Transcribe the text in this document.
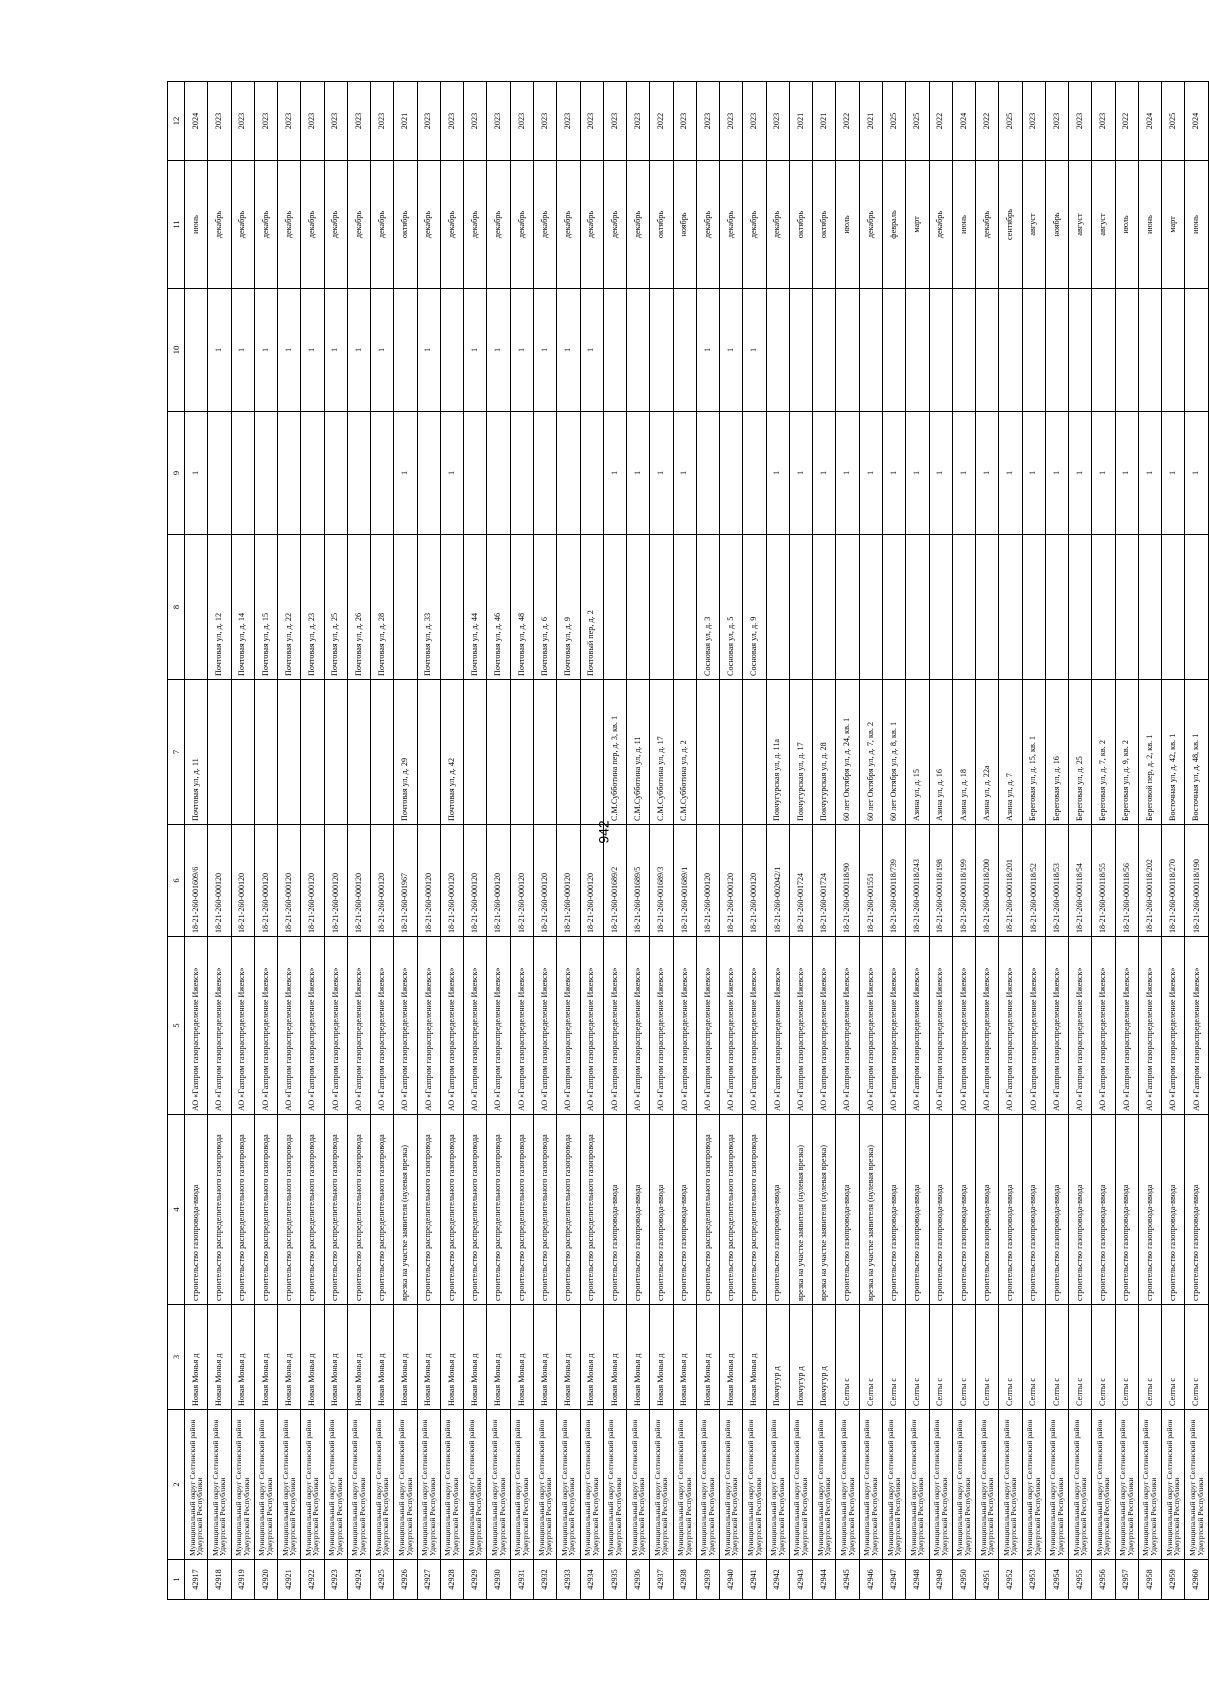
942
1	2	3	4	5	6	7	8	9	10	11	12
42917	Муниципальный округ Селтинский район Удмуртской Республики	Новая Монья д	строительство газопровода-ввода	АО «Газпром газораспределение Ижевск»	18-21-260-001609/6	Почтовая ул, д. 11		1		июнь	2024
42918	Муниципальный округ Селтинский район Удмуртской Республики	Новая Монья д	строительство распределительного газопровода	АО «Газпром газораспределение Ижевск»	18-21-260-000120		Почтовая ул, д. 12		1	декабрь	2023
42919	Муниципальный округ Селтинский район Удмуртской Республики	Новая Монья д	строительство распределительного газопровода	АО «Газпром газораспределение Ижевск»	18-21-260-000120		Почтовая ул, д. 14		1	декабрь	2023
42920	Муниципальный округ Селтинский район Удмуртской Республики	Новая Монья д	строительство распределительного газопровода	АО «Газпром газораспределение Ижевск»	18-21-260-000120		Почтовая ул, д. 15		1	декабрь	2023
42921	Муниципальный округ Селтинский район Удмуртской Республики	Новая Монья д	строительство распределительного газопровода	АО «Газпром газораспределение Ижевск»	18-21-260-000120		Почтовая ул, д. 22		1	декабрь	2023
42922	Муниципальный округ Селтинский район Удмуртской Республики	Новая Монья д	строительство распределительного газопровода	АО «Газпром газораспределение Ижевск»	18-21-260-000120		Почтовая ул, д. 23		1	декабрь	2023
42923	Муниципальный округ Селтинский район Удмуртской Республики	Новая Монья д	строительство распределительного газопровода	АО «Газпром газораспределение Ижевск»	18-21-260-000120		Почтовая ул, д. 25		1	декабрь	2023
42924	Муниципальный округ Селтинский район Удмуртской Республики	Новая Монья д	строительство распределительного газопровода	АО «Газпром газораспределение Ижевск»	18-21-260-000120		Почтовая ул, д. 26		1	декабрь	2023
42925	Муниципальный округ Селтинский район Удмуртской Республики	Новая Монья д	строительство распределительного газопровода	АО «Газпром газораспределение Ижевск»	18-21-260-000120		Почтовая ул, д. 28		1	декабрь	2023
42926	Муниципальный округ Селтинский район Удмуртской Республики	Новая Монья д	врезка на участке заявителя (нулевая врезка)	АО «Газпром газораспределение Ижевск»	18-21-260-001967	Почтовая ул, д. 29		1		октябрь	2021
42927	Муниципальный округ Селтинский район Удмуртской Республики	Новая Монья д	строительство распределительного газопровода	АО «Газпром газораспределение Ижевск»	18-21-260-000120		Почтовая ул, д. 33		1	декабрь	2023
42928	Муниципальный округ Селтинский район Удмуртской Республики	Новая Монья д	строительство распределительного газопровода	АО «Газпром газораспределение Ижевск»	18-21-260-000120	Почтовая ул, д. 42		1		декабрь	2023
42929	Муниципальный округ Селтинский район Удмуртской Республики	Новая Монья д	строительство распределительного газопровода	АО «Газпром газораспределение Ижевск»	18-21-260-000120		Почтовая ул, д. 44		1	декабрь	2023
42930	Муниципальный округ Селтинский район Удмуртской Республики	Новая Монья д	строительство распределительного газопровода	АО «Газпром газораспределение Ижевск»	18-21-260-000120		Почтовая ул, д. 46		1	декабрь	2023
42931	Муниципальный округ Селтинский район Удмуртской Республики	Новая Монья д	строительство распределительного газопровода	АО «Газпром газораспределение Ижевск»	18-21-260-000120		Почтовая ул, д. 48		1	декабрь	2023
42932	Муниципальный округ Селтинский район Удмуртской Республики	Новая Монья д	строительство распределительного газопровода	АО «Газпром газораспределение Ижевск»	18-21-260-000120		Почтовая ул, д. 6		1	декабрь	2023
42933	Муниципальный округ Селтинский район Удмуртской Республики	Новая Монья д	строительство распределительного газопровода	АО «Газпром газораспределение Ижевск»	18-21-260-000120		Почтовая ул, д. 9		1	декабрь	2023
42934	Муниципальный округ Селтинский район Удмуртской Республики	Новая Монья д	строительство распределительного газопровода	АО «Газпром газораспределение Ижевск»	18-21-260-000120		Почтовый пер, д. 2		1	декабрь	2023
42935	Муниципальный округ Селтинский район Удмуртской Республики	Новая Монья д	строительство газопровода-ввода	АО «Газпром газораспределение Ижевск»	18-21-260-001689/2	С.М.Субботина пер, д. 3, кв. 1		1		декабрь	2023
42936	Муниципальный округ Селтинский район Удмуртской Республики	Новая Монья д	строительство газопровода-ввода	АО «Газпром газораспределение Ижевск»	18-21-260-001689/5	С.М.Субботина ул, д. 11		1		декабрь	2023
42937	Муниципальный округ Селтинский район Удмуртской Республики	Новая Монья д	строительство газопровода-ввода	АО «Газпром газораспределение Ижевск»	18-21-260-001689/3	С.М.Субботина ул, д. 17		1		октябрь	2022
42938	Муниципальный округ Селтинский район Удмуртской Республики	Новая Монья д	строительство газопровода-ввода	АО «Газпром газораспределение Ижевск»	18-21-260-001689/1	С.М.Субботина ул, д. 2		1		ноябрь	2023
42939	Муниципальный округ Селтинский район Удмуртской Республики	Новая Монья д	строительство распределительного газопровода	АО «Газпром газораспределение Ижевск»	18-21-260-000120		Сосновая ул, д. 3		1	декабрь	2023
42940	Муниципальный округ Селтинский район Удмуртской Республики	Новая Монья д	строительство распределительного газопровода	АО «Газпром газораспределение Ижевск»	18-21-260-000120		Сосновая ул, д. 5		1	декабрь	2023
42941	Муниципальный округ Селтинский район Удмуртской Республики	Новая Монья д	строительство распределительного газопровода	АО «Газпром газораспределение Ижевск»	18-21-260-000120		Сосновая ул, д. 9		1	декабрь	2023
42942	Муниципальный округ Селтинский район Удмуртской Республики	Покчугур д	строительство газопровода-ввода	АО «Газпром газораспределение Ижевск»	18-21-260-002042/1	Покчугурская ул, д. 11а		1		декабрь	2023
42943	Муниципальный округ Селтинский район Удмуртской Республики	Покчугур д	врезка на участке заявителя (нулевая врезка)	АО «Газпром газораспределение Ижевск»	18-21-260-001724	Покчугурская ул, д. 17		1		октябрь	2021
42944	Муниципальный округ Селтинский район Удмуртской Республики	Покчугур д	врезка на участке заявителя (нулевая врезка)	АО «Газпром газораспределение Ижевск»	18-21-260-001724	Покчугурская ул, д. 28		1		октябрь	2021
42945	Муниципальный округ Селтинский район Удмуртской Республики	Селты с	строительство газопровода-ввода	АО «Газпром газораспределение Ижевск»	18-21-260-000118/90	60 лет Октября ул, д. 24, кв. 1		1		июль	2022
42946	Муниципальный округ Селтинский район Удмуртской Республики	Селты с	врезка на участке заявителя (нулевая врезка)	АО «Газпром газораспределение Ижевск»	18-21-260-001551	60 лет Октября ул, д. 7, кв. 2		1		декабрь	2021
42947	Муниципальный округ Селтинский район Удмуртской Республики	Селты с	строительство газопровода-ввода	АО «Газпром газораспределение Ижевск»	18-21-260-000118/739	60 лет Октября ул, д. 8, кв. 1		1		февраль	2025
42948	Муниципальный округ Селтинский район Удмуртской Республики	Селты с	строительство газопровода-ввода	АО «Газпром газораспределение Ижевск»	18-21-260-000118/243	Азина ул, д. 15		1		март	2025
42949	Муниципальный округ Селтинский район Удмуртской Республики	Селты с	строительство газопровода-ввода	АО «Газпром газораспределение Ижевск»	18-21-260-000118/198	Азина ул, д. 16		1		декабрь	2022
42950	Муниципальный округ Селтинский район Удмуртской Республики	Селты с	строительство газопровода-ввода	АО «Газпром газораспределение Ижевск»	18-21-260-000118/199	Азина ул, д. 18		1		июнь	2024
42951	Муниципальный округ Селтинский район Удмуртской Республики	Селты с	строительство газопровода-ввода	АО «Газпром газораспределение Ижевск»	18-21-260-000118/200	Азина ул, д. 22а		1		декабрь	2022
42952	Муниципальный округ Селтинский район Удмуртской Республики	Селты с	строительство газопровода-ввода	АО «Газпром газораспределение Ижевск»	18-21-260-000118/201	Азина ул, д. 7		1		сентябрь	2025
42953	Муниципальный округ Селтинский район Удмуртской Республики	Селты с	строительство газопровода-ввода	АО «Газпром газораспределение Ижевск»	18-21-260-000118/52	Береговая ул, д. 15, кв. 1		1		август	2023
42954	Муниципальный округ Селтинский район Удмуртской Республики	Селты с	строительство газопровода-ввода	АО «Газпром газораспределение Ижевск»	18-21-260-000118/53	Береговая ул, д. 16		1		ноябрь	2023
42955	Муниципальный округ Селтинский район Удмуртской Республики	Селты с	строительство газопровода-ввода	АО «Газпром газораспределение Ижевск»	18-21-260-000118/54	Береговая ул, д. 25		1		август	2023
42956	Муниципальный округ Селтинский район Удмуртской Республики	Селты с	строительство газопровода-ввода	АО «Газпром газораспределение Ижевск»	18-21-260-000118/55	Береговая ул, д. 7, кв. 2		1		август	2023
42957	Муниципальный округ Селтинский район Удмуртской Республики	Селты с	строительство газопровода-ввода	АО «Газпром газораспределение Ижевск»	18-21-260-000118/56	Береговая ул, д. 9, кв. 2		1		июль	2022
42958	Муниципальный округ Селтинский район Удмуртской Республики	Селты с	строительство газопровода-ввода	АО «Газпром газораспределение Ижевск»	18-21-260-000118/202	Береговой пер, д. 2, кв. 1		1		июнь	2024
42959	Муниципальный округ Селтинский район Удмуртской Республики	Селты с	строительство газопровода-ввода	АО «Газпром газораспределение Ижевск»	18-21-260-000118/270	Восточная ул, д. 42, кв. 1		1		март	2025
42960	Муниципальный округ Селтинский район Удмуртской Республики	Селты с	строительство газопровода-ввода	АО «Газпром газораспределение Ижевск»	18-21-260-000118/190	Восточная ул, д. 48, кв. 1		1		июнь	2024
